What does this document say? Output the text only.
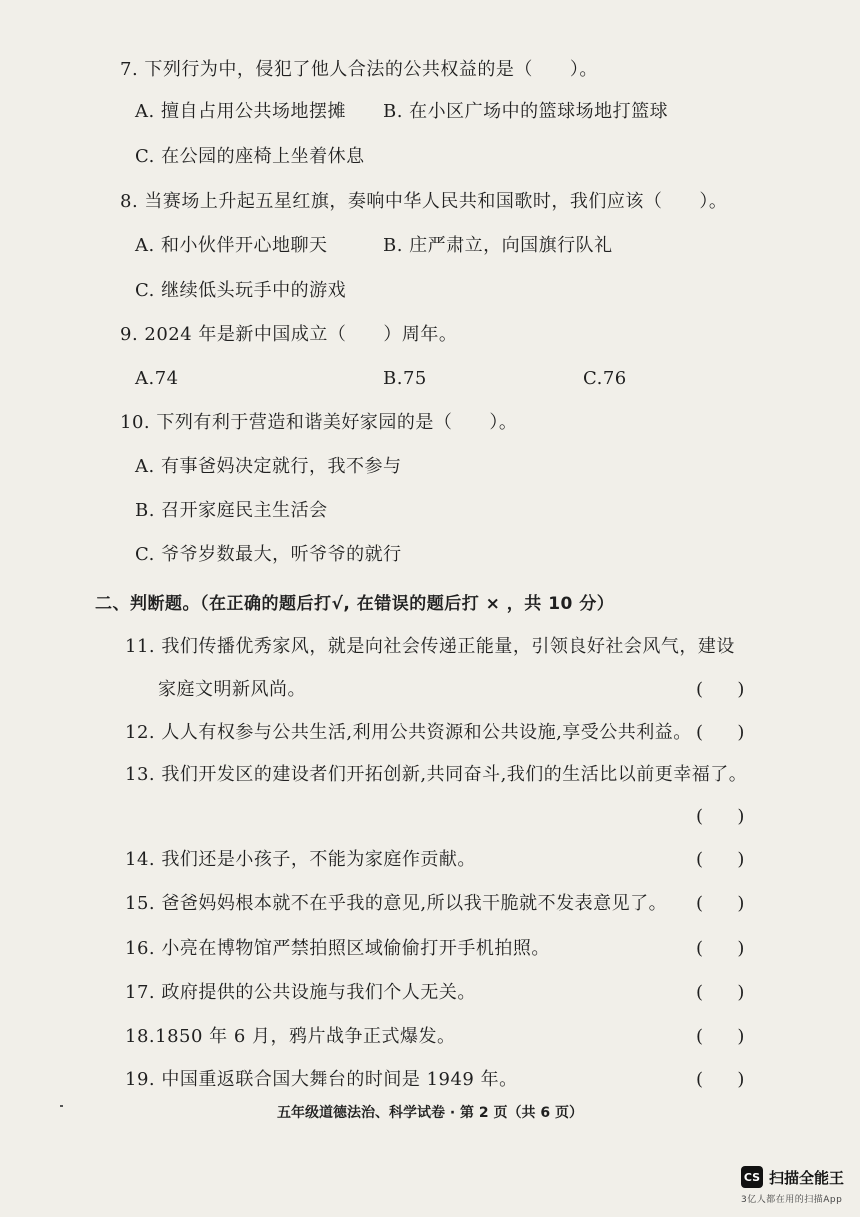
7. 下列行为中，侵犯了他人合法的公共权益的是（　　）。
A. 擅自占用公共场地摆摊 B. 在小区广场中的篮球场地打篮球
C. 在公园的座椅上坐着休息
8. 当赛场上升起五星红旗，奏响中华人民共和国歌时，我们应该（　　）。
A. 和小伙伴开心地聊天	B. 庄严肃立，向国旗行队礼
C. 继续低头玩手中的游戏
9. 2024 年是新中国成立（　　）周年。
A.74	B.75	C.76
10. 下列有利于营造和谐美好家园的是（　　）。
A. 有事爸妈决定就行，我不参与
B. 召开家庭民主生活会
C. 爷爷岁数最大，听爷爷的就行
二、判断题。（在正确的题后打√, 在错误的题后打 × ，共 10 分）
11. 我们传播优秀家风，就是向社会传递正能量，引领良好社会风气，建设
家庭文明新风尚。	(      )
12. 人人有权参与公共生活,利用公共资源和公共设施,享受公共利益。 (      )
13. 我们开发区的建设者们开拓创新,共同奋斗,我们的生活比以前更幸福了。
(      )
14. 我们还是小孩子，不能为家庭作贡献。	(      )
15. 爸爸妈妈根本就不在乎我的意见,所以我干脆就不发表意见了。 (      )
16. 小亮在博物馆严禁拍照区域偷偷打开手机拍照。	(      )
17. 政府提供的公共设施与我们个人无关。	(      )
18.1850 年 6 月，鸦片战争正式爆发。	(      )
19. 中国重返联合国大舞台的时间是 1949 年。	(      )
五年级道德法治、科学试卷 · 第 2 页（共 6 页）
CS 扫描全能王
3亿人都在用的扫描App
